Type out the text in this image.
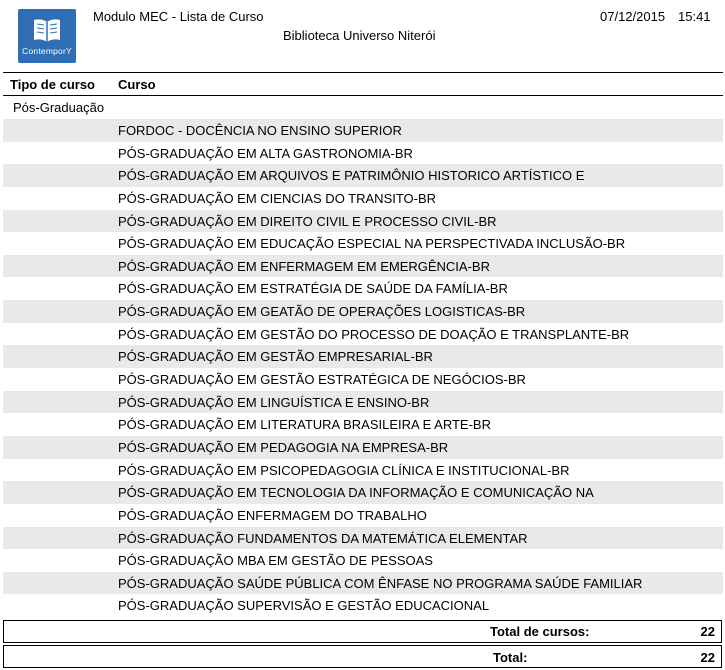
ContemporY
Modulo MEC - Lista de Curso
Biblioteca Universo Niterói
07/12/2015 15:41
Tipo de curso Curso
Pós-Graduação
FORDOC - DOCÊNCIA NO ENSINO SUPERIOR
PÓS-GRADUAÇÃO EM ALTA GASTRONOMIA-BR
PÓS-GRADUAÇÃO EM ARQUIVOS E PATRIMÔNIO HISTORICO ARTÍSTICO E
PÓS-GRADUAÇÃO EM CIENCIAS DO TRANSITO-BR
PÓS-GRADUAÇÃO EM DIREITO CIVIL E PROCESSO CIVIL-BR
PÓS-GRADUAÇÃO EM EDUCAÇÃO ESPECIAL NA PERSPECTIVADA INCLUSÃO-BR
PÓS-GRADUAÇÃO EM ENFERMAGEM EM EMERGÊNCIA-BR
PÓS-GRADUAÇÃO EM ESTRATÉGIA DE SAÚDE DA FAMÍLIA-BR
PÓS-GRADUAÇÃO EM GEATÃO DE OPERAÇÕES LOGISTICAS-BR
PÓS-GRADUAÇÃO EM GESTÃO DO PROCESSO DE DOAÇÃO E TRANSPLANTE-BR
PÓS-GRADUAÇÃO EM GESTÃO EMPRESARIAL-BR
PÓS-GRADUAÇÃO EM GESTÃO ESTRATÉGICA DE NEGÓCIOS-BR
PÓS-GRADUAÇÃO EM LINGUÍSTICA E ENSINO-BR
PÓS-GRADUAÇÃO EM LITERATURA BRASILEIRA E ARTE-BR
PÓS-GRADUAÇÃO EM PEDAGOGIA NA EMPRESA-BR
PÓS-GRADUAÇÃO EM PSICOPEDAGOGIA CLÍNICA E INSTITUCIONAL-BR
PÓS-GRADUAÇÃO EM TECNOLOGIA DA INFORMAÇÃO E COMUNICAÇÃO NA
PÓS-GRADUAÇÃO ENFERMAGEM DO TRABALHO
PÓS-GRADUAÇÃO FUNDAMENTOS DA MATEMÁTICA ELEMENTAR
PÓS-GRADUAÇÃO MBA EM GESTÃO DE PESSOAS
PÓS-GRADUAÇÃO SAÚDE PÚBLICA COM ÊNFASE NO PROGRAMA SAÚDE FAMILIAR
PÓS-GRADUAÇÃO SUPERVISÃO E GESTÃO EDUCACIONAL
Total de cursos:	22
Total:	22
